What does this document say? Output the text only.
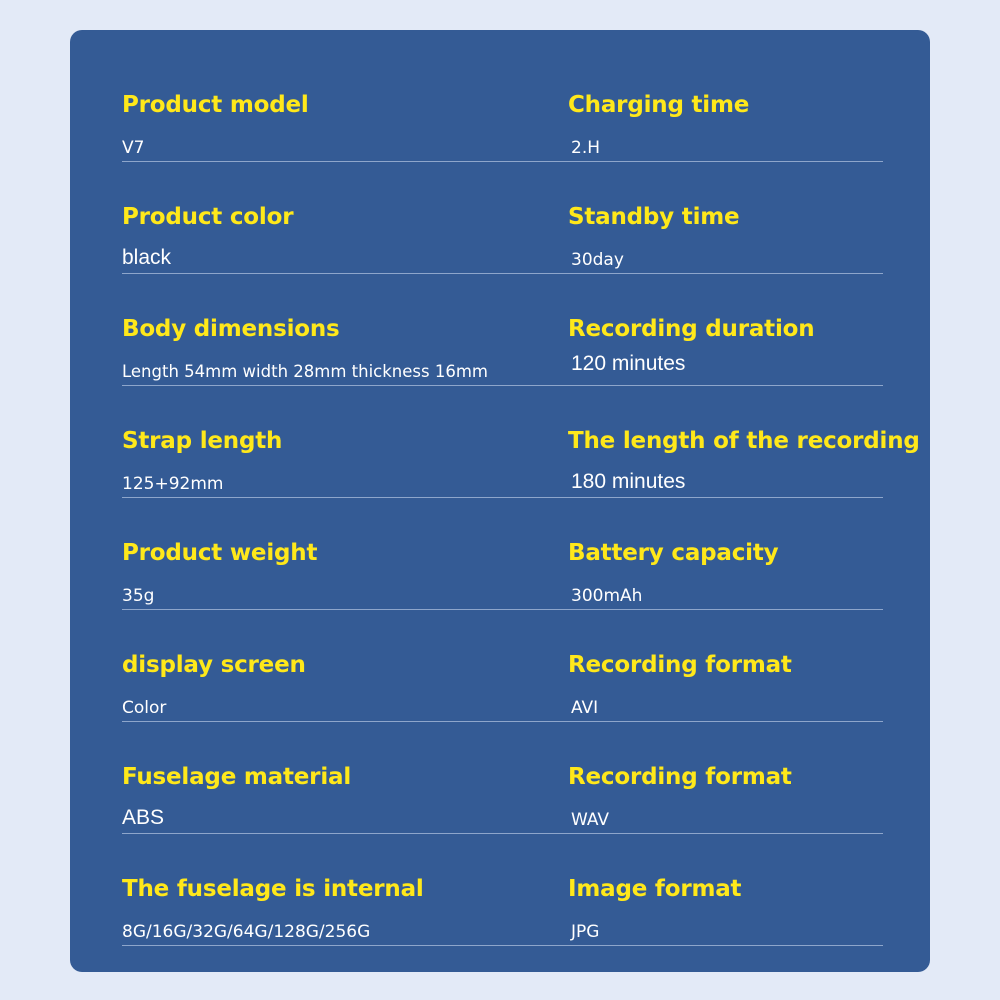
Product model
V7
Charging time
2.H
Product color
black
Standby time
30day
Body dimensions
Length 54mm width 28mm thickness 16mm
Recording duration
120 minutes
Strap length
125+92mm
The length of the recording
180 minutes
Product weight
35g
Battery capacity
300mAh
display screen
Color
Recording format
AVI
Fuselage material
ABS
Recording format
WAV
The fuselage is internal
8G/16G/32G/64G/128G/256G
Image format
JPG
